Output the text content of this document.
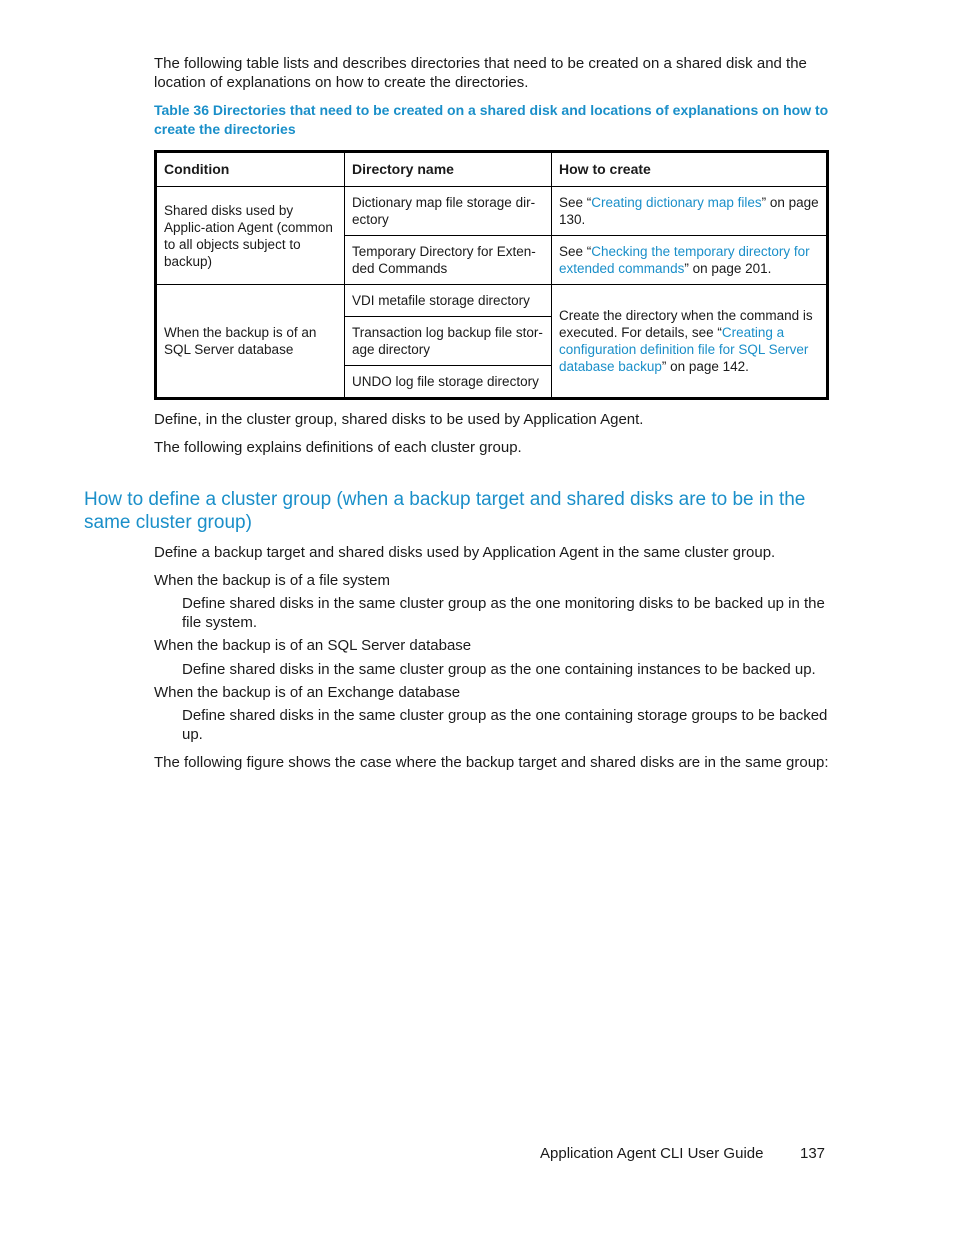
The following table lists and describes directories that need to be created on a shared disk and the location of explanations on how to create the directories.

Table 36 Directories that need to be created on a shared disk and locations of explanations on how to create the directories

Condition	Directory name	How to create
Shared disks used by Applic-ation Agent (common to all objects subject to backup)	Dictionary map file storage dir-ectory	See “Creating dictionary map files” on page 130.
	Temporary Directory for Exten-ded Commands	See “Checking the temporary directory for extended commands” on page 201.
When the backup is of an SQL Server database	VDI metafile storage directory	Create the directory when the command is executed. For details, see “Creating a configuration definition file for SQL Server database backup” on page 142.
	Transaction log backup file stor-age directory	
	UNDO log file storage directory	

Define, in the cluster group, shared disks to be used by Application Agent.

The following explains definitions of each cluster group.

How to define a cluster group (when a backup target and shared disks are to be in the same cluster group)

Define a backup target and shared disks used by Application Agent in the same cluster group.

When the backup is of a file system

Define shared disks in the same cluster group as the one monitoring disks to be backed up in the file system.

When the backup is of an SQL Server database

Define shared disks in the same cluster group as the one containing instances to be backed up.

When the backup is of an Exchange database

Define shared disks in the same cluster group as the one containing storage groups to be backed up.

The following figure shows the case where the backup target and shared disks are in the same group:

Application Agent CLI User Guide 137
